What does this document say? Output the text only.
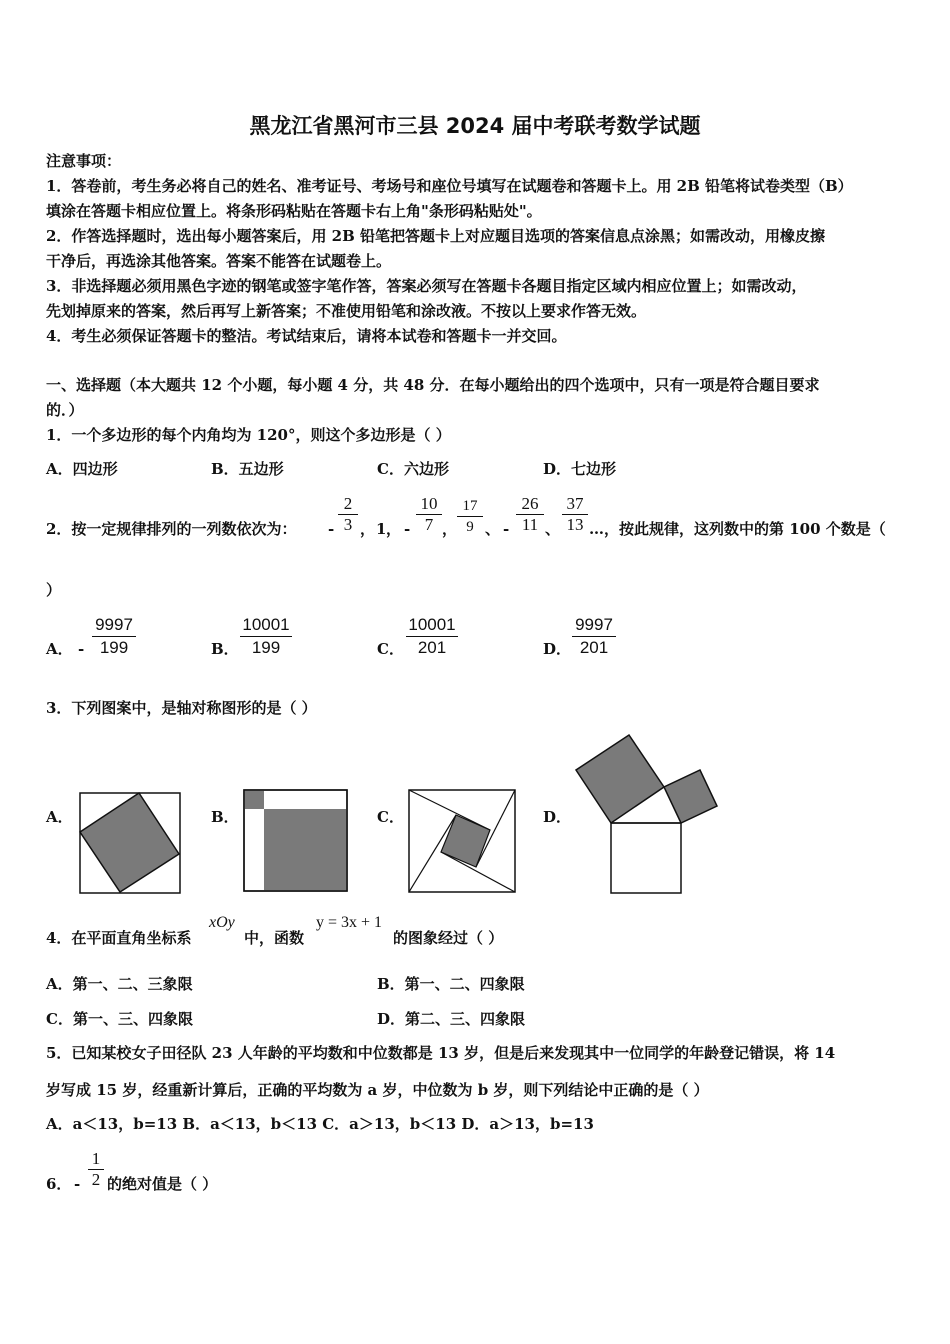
黑龙江省黑河市三县 2024 届中考联考数学试题
注意事项：
1．答卷前，考生务必将自己的姓名、准考证号、考场号和座位号填写在试题卷和答题卡上。用 2B 铅笔将试卷类型（B）
填涂在答题卡相应位置上。将条形码粘贴在答题卡右上角"条形码粘贴处"。
2．作答选择题时，选出每小题答案后，用 2B 铅笔把答题卡上对应题目选项的答案信息点涂黑；如需改动，用橡皮擦
干净后，再选涂其他答案。答案不能答在试题卷上。
3．非选择题必须用黑色字迹的钢笔或签字笔作答，答案必须写在答题卡各题目指定区域内相应位置上；如需改动，
先划掉原来的答案，然后再写上新答案；不准使用铅笔和涂改液。不按以上要求作答无效。
4．考生必须保证答题卡的整洁。考试结束后，请将本试卷和答题卡一并交回。
一、选择题（本大题共 12 个小题，每小题 4 分，共 48 分．在每小题给出的四个选项中，只有一项是符合题目要求
的．）
1．一个多边形的每个内角均为 120°，则这个多边形是（ ）
A．四边形	B．五边形	C．六边形	D．七边形
2．按一定规律排列的一列数依次为： - $\frac{2}{3}$ ， 1 ， - $\frac{10}{7}$ ， $\frac{17}{9}$ 、 - $\frac{26}{11}$ 、 $\frac{37}{13}$ …，按此规律，这列数中的第 100 个数是（
）
A． -
9997
199	B．
10001
199	C．
10001
201	D．
9997
201
3．下列图案中，是轴对称图形的是（ ）
A．	B．	C．	D．
4．在平面直角坐标系
xOy
中，函数
y = 3x + 1
的图象经过（ ）
A．第一、二、三象限	B．第一、二、四象限
C．第一、三、四象限	D．第二、三、四象限
5．已知某校女子田径队 23 人年龄的平均数和中位数都是 13 岁，但是后来发现其中一位同学的年龄登记错误，将 14
岁写成 15 岁，经重新计算后，正确的平均数为 a 岁，中位数为 b 岁，则下列结论中正确的是（ ）
A．a＜13，b=13 B．a＜13，b＜13 C．a＞13，b＜13 D．a＞13，b=13
6． - $\frac{1}{2}$ 的绝对值是（ ）
